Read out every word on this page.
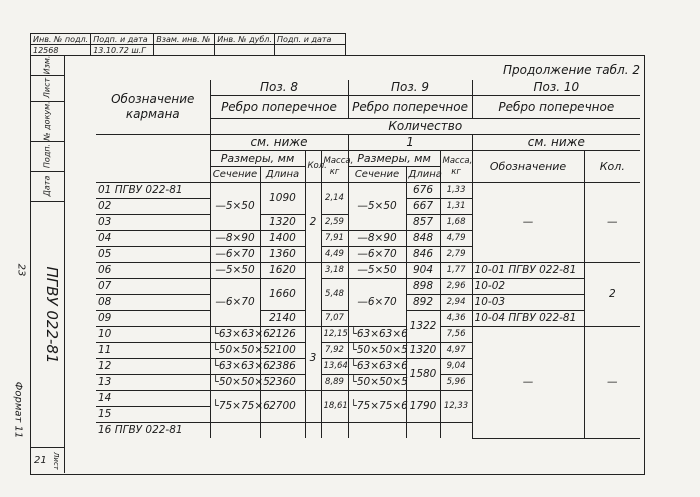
Инв. № подл.	Подп. и дата	Взам. инв. №	Инв. № дубл.	Подп. и дата
12568	13.10.72 ш.Г			
Изм.
Лист
№ докум.
Подп.
Дата
ПГВУ 022-81
23
Формат 11
Лист
21
Продолжение табл. 2
Обозначение кармана	Поз. 8				Поз. 9			Поз. 10	
	Ребро поперечное				Ребро поперечное			Ребро поперечное	
	Количество								
	см. ниже				1			см. ниже	
	Размеры, мм		Кол.	Масса, кг	Размеры, мм		Масса, кг	Обозначение	Кол.
	Сечение	Длина			Сечение	Длина			
01 ПГВУ 022-81	—5×50	1090	2	2,14	—5×50	676	1,33	—	—
02						667	1,31		
03		1320		2,59		857	1,68		
04	—8×90	1400		7,91	—8×90	848	4,79		
05	—6×70	1360		4,49	—6×70	846	2,79		
06	—5×50	1620		3,18	—5×50	904	1,77	10-01 ПГВУ 022-81	2
07	—6×70	1660		5,48	—6×70	898	2,96	10-02	
08						892	2,94	10-03	
09		2140		7,07		1322	4,36	10-04 ПГВУ 022-81	
10	└63×63×6	2126	3	12,15	└63×63×6		7,56	—	—
11	└50×50×5	2100		7,92	└50×50×5	1320	4,97		
12	└63×63×6	2386		13,64	└63×63×6	1580	9,04		
13	└50×50×5	2360		8,89	└50×50×5		5,96		
14	└75×75×6	2700		18,61	└75×75×6	1790	12,33		
15									
16 ПГВУ 022-81									
